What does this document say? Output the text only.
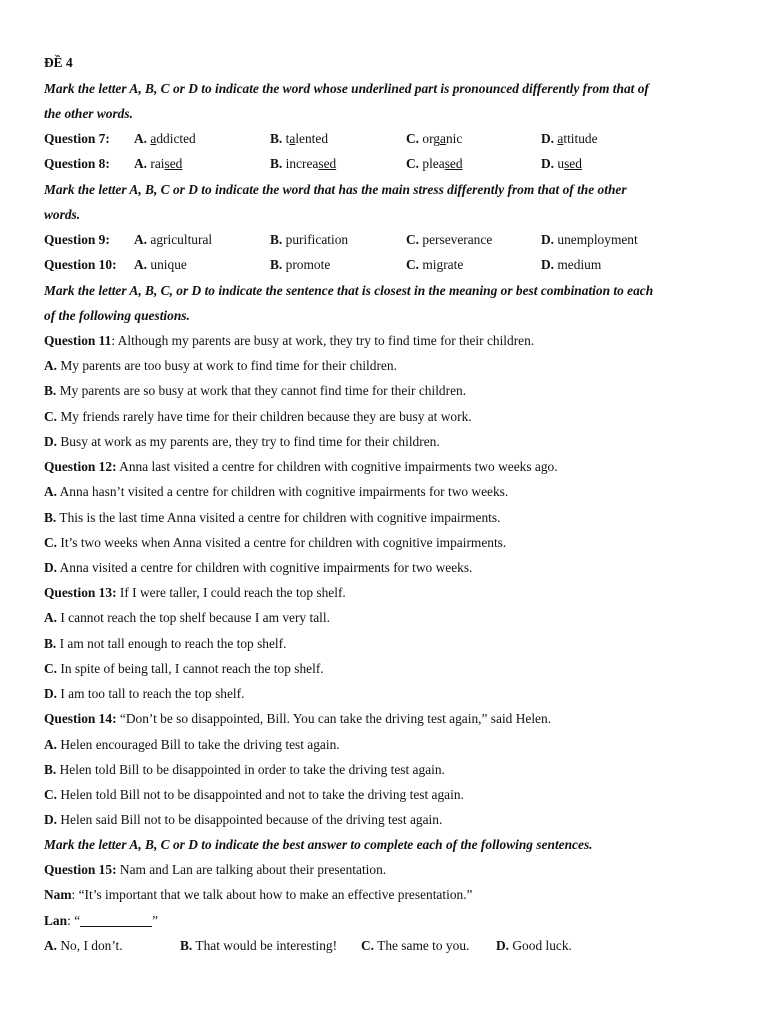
ĐỀ 4
Mark the letter A, B, C or D to indicate the word whose underlined part is pronounced differently from that of
the other words.
Question 7: A. addicted	B. talented	C. organic	D. attitude
Question 8: A. raised	B. increased	C. pleased	D. used
Mark the letter A, B, C or D to indicate the word that has the main stress differently from that of the other
words.
Question 9: A. agricultural	B. purification	C. perseverance	D. unemployment
Question 10: A. unique	B. promote	C. migrate	D. medium
Mark the letter A, B, C, or D to indicate the sentence that is closest in the meaning or best combination to each
of the following questions.
Question 11: Although my parents are busy at work, they try to find time for their children.
A. My parents are too busy at work to find time for their children.
B. My parents are so busy at work that they cannot find time for their children.
C. My friends rarely have time for their children because they are busy at work.
D. Busy at work as my parents are, they try to find time for their children.
Question 12: Anna last visited a centre for children with cognitive impairments two weeks ago.
A. Anna hasn’t visited a centre for children with cognitive impairments for two weeks.
B. This is the last time Anna visited a centre for children with cognitive impairments.
C. It’s two weeks when Anna visited a centre for children with cognitive impairments.
D. Anna visited a centre for children with cognitive impairments for two weeks.
Question 13: If I were taller, I could reach the top shelf.
A. I cannot reach the top shelf because I am very tall.
B. I am not tall enough to reach the top shelf.
C. In spite of being tall, I cannot reach the top shelf.
D. I am too tall to reach the top shelf.
Question 14: “Don’t be so disappointed, Bill. You can take the driving test again,” said Helen.
A. Helen encouraged Bill to take the driving test again.
B. Helen told Bill to be disappointed in order to take the driving test again.
C. Helen told Bill not to be disappointed and not to take the driving test again.
D. Helen said Bill not to be disappointed because of the driving test again.
Mark the letter A, B, C or D to indicate the best answer to complete each of the following sentences.
Question 15: Nam and Lan are talking about their presentation.
Nam: “It’s important that we talk about how to make an effective presentation.”
Lan: “	”
A. No, I don’t.	B. That would be interesting! C. The same to you. D. Good luck.
